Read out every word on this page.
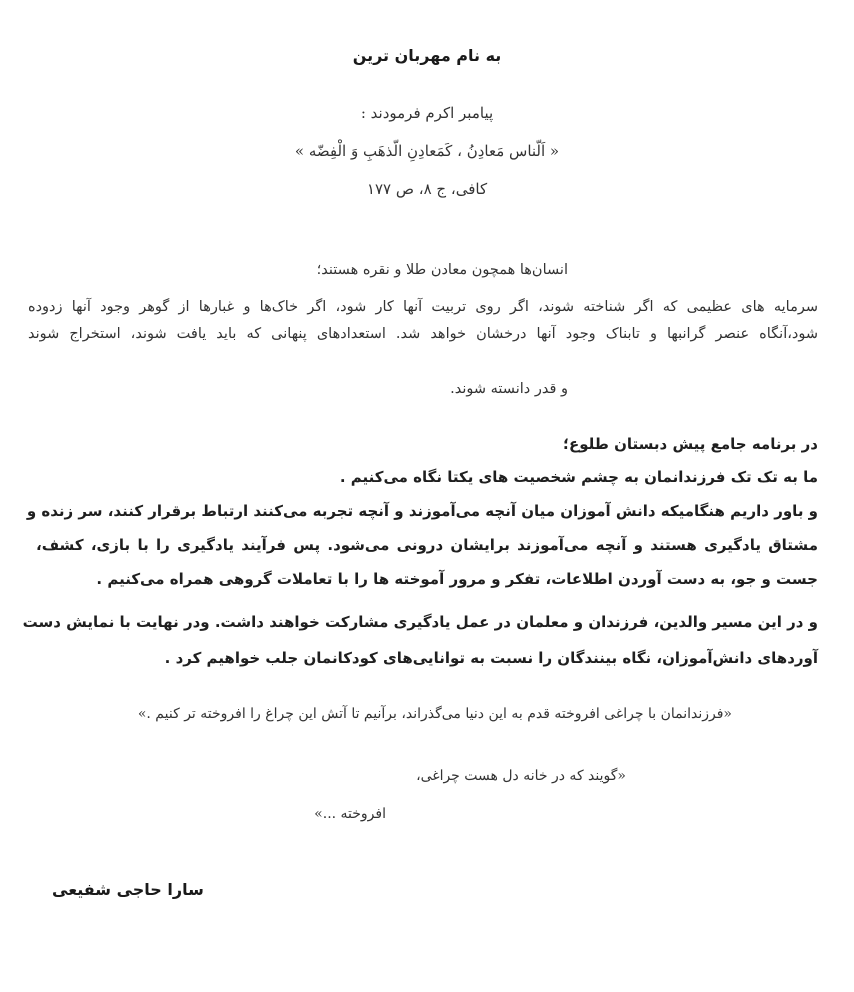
به نام مهربان ترین
پیامبر اکرم فرمودند :
« اَلّناس مَعادِنُ ، کَمَعادِنِ الّذهَبِ وَ الْفِضّه »
کافی، ج ۸، ص ۱۷۷
انسان‌ها همچون معادن طلا و نقره هستند؛
سرمایه های عظیمی که اگر شناخته شوند، اگر روی تربیت آنها کار شود، اگر خاک‌ها و غبارها از گوهر وجود آنها زدوده
شود،آنگاه عنصر گرانبها و تابناک وجود آنها درخشان خواهد شد. استعدادهای پنهانی که باید یافت شوند، استخراج شوند
و قدر دانسته شوند.
در برنامه جامع پیش دبستان طلوع؛
ما به تک تک فرزندانمان به چشم شخصیت های یکتا نگاه می‌کنیم .
و باور داریم هنگامیکه دانش آموزان میان آنچه می‌آموزند و آنچه تجربه می‌کنند ارتباط برقرار کنند، سر زنده و
مشتاق یادگیری هستند و آنچه می‌آموزند برایشان درونی می‌شود. پس فرآیند یادگیری را با بازی، کشف،
جست و جو، به دست آوردن اطلاعات، تفکر و مرور آموخته ها را با تعاملات گروهی همراه می‌کنیم .
و در این مسیر والدین، فرزندان و معلمان در عمل یادگیری مشارکت خواهند داشت. ودر نهایت با نمایش دست
آوردهای دانش‌آموزان، نگاه بینندگان را نسبت به توانایی‌های کودکانمان جلب خواهیم کرد .
«فرزندانمان با چراغی افروخته قدم به این دنیا می‌گذراند، برآنیم تا آتش این چراغ را افروخته تر کنیم .»
«گویند که در خانه دل هست چراغی،
افروخته ...»
سارا حاجی شفیعی
